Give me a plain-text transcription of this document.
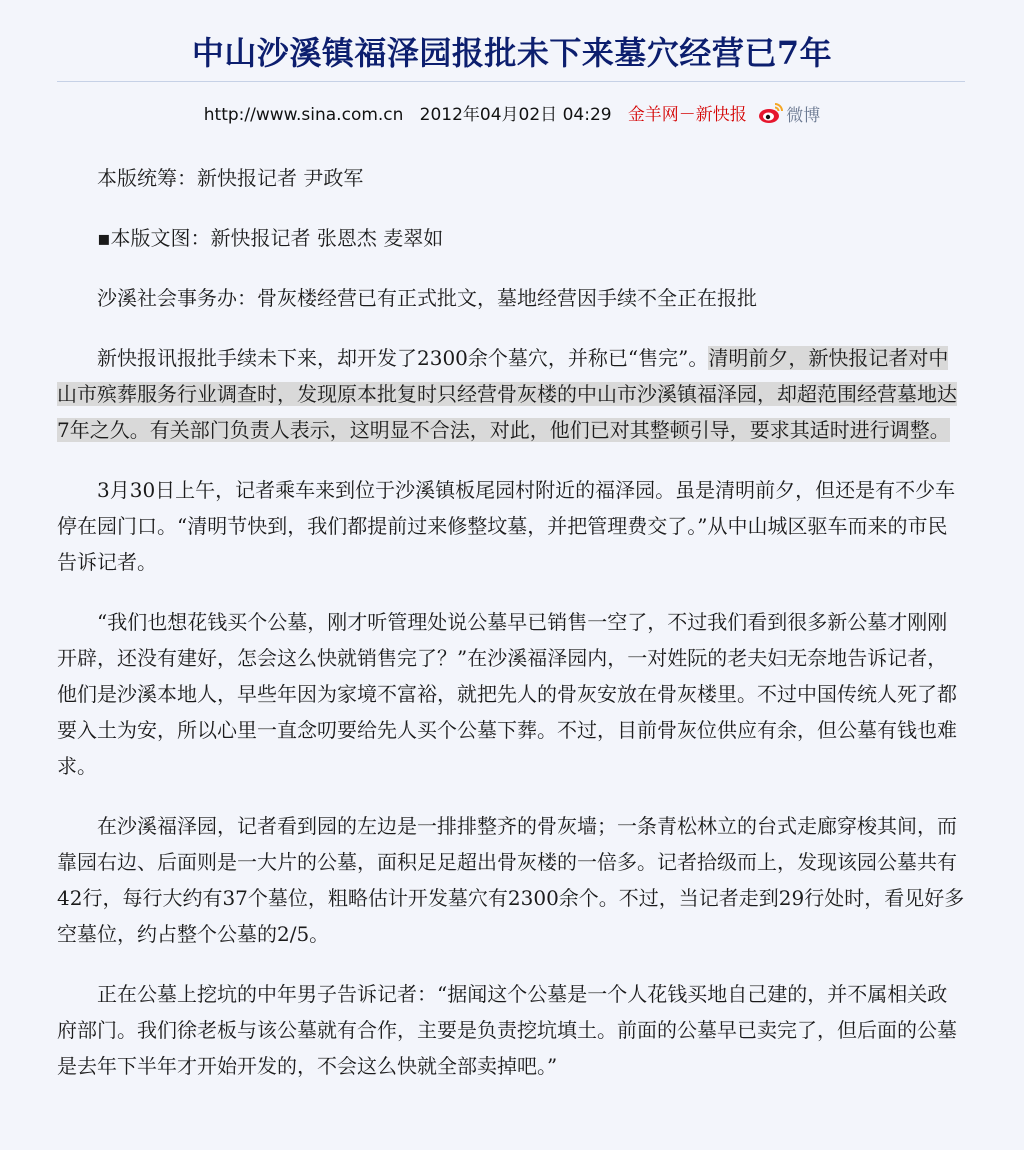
中山沙溪镇福泽园报批未下来墓穴经营已7年
http://www.sina.com.cn 2012年04月02日 04:29 金羊网－新快报 微博

本版统筹：新快报记者 尹政军

▪本版文图：新快报记者 张恩杰 麦翠如

沙溪社会事务办：骨灰楼经营已有正式批文，墓地经营因手续不全正在报批

新快报讯报批手续未下来，却开发了2300余个墓穴，并称已“售完”。清明前夕，新快报记者对中山市殡葬服务行业调查时，发现原本批复时只经营骨灰楼的中山市沙溪镇福泽园，却超范围经营墓地达7年之久。有关部门负责人表示，这明显不合法，对此，他们已对其整顿引导，要求其适时进行调整。

3月30日上午，记者乘车来到位于沙溪镇板尾园村附近的福泽园。虽是清明前夕，但还是有不少车停在园门口。“清明节快到，我们都提前过来修整坟墓，并把管理费交了。”从中山城区驱车而来的市民告诉记者。

“我们也想花钱买个公墓，刚才听管理处说公墓早已销售一空了，不过我们看到很多新公墓才刚刚开辟，还没有建好，怎会这么快就销售完了？”在沙溪福泽园内，一对姓阮的老夫妇无奈地告诉记者，他们是沙溪本地人，早些年因为家境不富裕，就把先人的骨灰安放在骨灰楼里。不过中国传统人死了都要入土为安，所以心里一直念叨要给先人买个公墓下葬。不过，目前骨灰位供应有余，但公墓有钱也难求。

在沙溪福泽园，记者看到园的左边是一排排整齐的骨灰墙；一条青松林立的台式走廊穿梭其间，而靠园右边、后面则是一大片的公墓，面积足足超出骨灰楼的一倍多。记者拾级而上，发现该园公墓共有42行，每行大约有37个墓位，粗略估计开发墓穴有2300余个。不过，当记者走到29行处时，看见好多空墓位，约占整个公墓的2/5。

正在公墓上挖坑的中年男子告诉记者：“据闻这个公墓是一个人花钱买地自己建的，并不属相关政府部门。我们徐老板与该公墓就有合作，主要是负责挖坑填土。前面的公墓早已卖完了，但后面的公墓是去年下半年才开始开发的，不会这么快就全部卖掉吧。”
